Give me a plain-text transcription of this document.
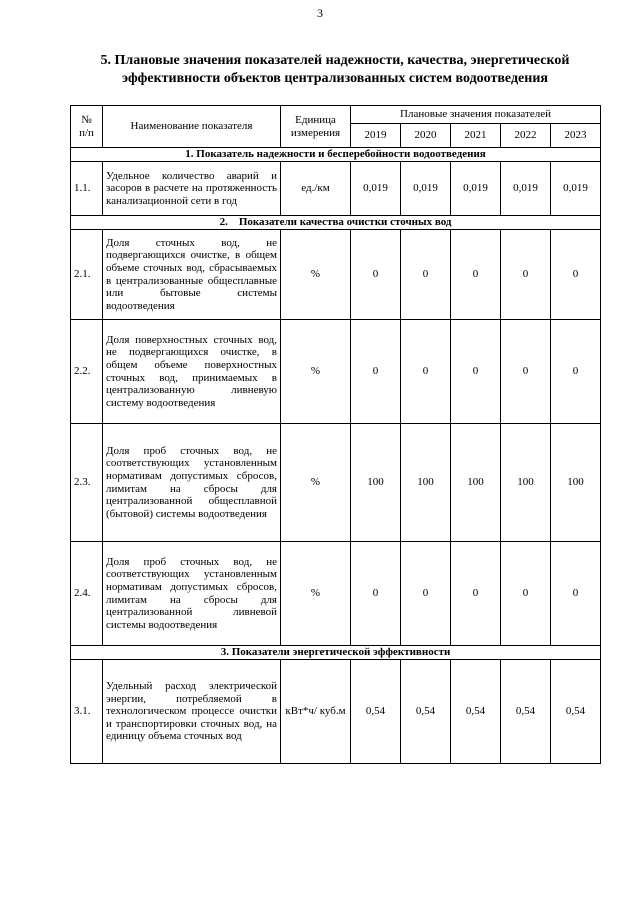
3
5. Плановые значения показателей надежности, качества, энергетической эффективности объектов централизованных систем водоотведения
№
п/п	Наименование показателя	Единица измерения	Плановые значения показателей				
			2019	2020	2021	2022	2023
1. Показатель надежности и бесперебойности водоотведения							
1.1.	Удельное количество аварий и засоров в расчете на протяженность канализационной сети в год	ед./км	0,019	0,019	0,019	0,019	0,019
2.    Показатели качества очистки сточных вод							
2.1.	Доля сточных вод, не подвергающихся очистке, в общем объеме сточных вод, сбрасываемых в централизованные общесплавные или бытовые системы водоотведения	%	0	0	0	0	0
2.2.	Доля поверхностных сточных вод, не подвергающихся очистке, в общем объеме поверхностных сточных вод, принимаемых в централизованную ливневую систему водоотведения	%	0	0	0	0	0
2.3.	Доля проб сточных вод, не соответствующих установленным нормативам допустимых сбросов, лимитам на сбросы для централизованной общесплавной (бытовой) системы водоотведения	%	100	100	100	100	100
2.4.	Доля проб сточных вод, не соответствующих установленным нормативам допустимых сбросов, лимитам на сбросы для централизованной ливневой системы водоотведения	%	0	0	0	0	0
3. Показатели энергетической эффективности							
3.1.	Удельный расход электрической энергии, потребляемой в технологическом процессе очистки и транспортировки сточных вод, на единицу объема сточных вод	кВт*ч/ куб.м	0,54	0,54	0,54	0,54	0,54
